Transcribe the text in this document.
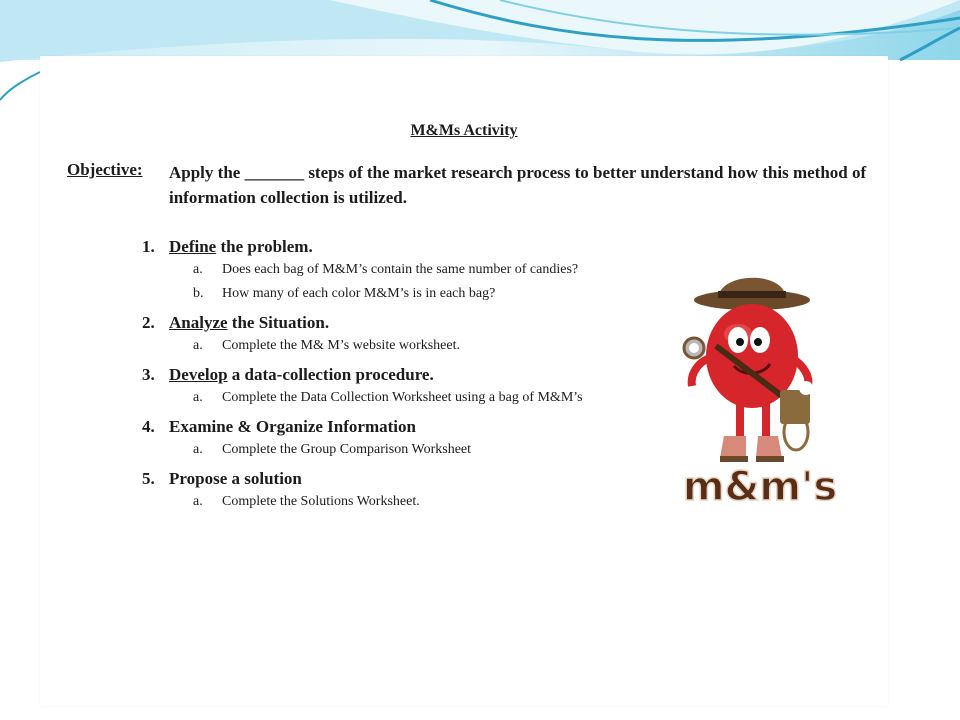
M&Ms Activity
Objective: Apply the _______ steps of the market research process to better understand how this method of information collection is utilized.
1. Define the problem.
a.	Does each bag of M&M’s contain the same number of candies?
b.	How many of each color M&M’s is in each bag?
2. Analyze the Situation.
a.	Complete the M& M’s website worksheet.
3. Develop a data-collection procedure.
a.	Complete the Data Collection Worksheet using a bag of M&M’s
4. Examine & Organize Information
a.	Complete the Group Comparison Worksheet
5. Propose a solution
a.	Complete the Solutions Worksheet.	m&m's
